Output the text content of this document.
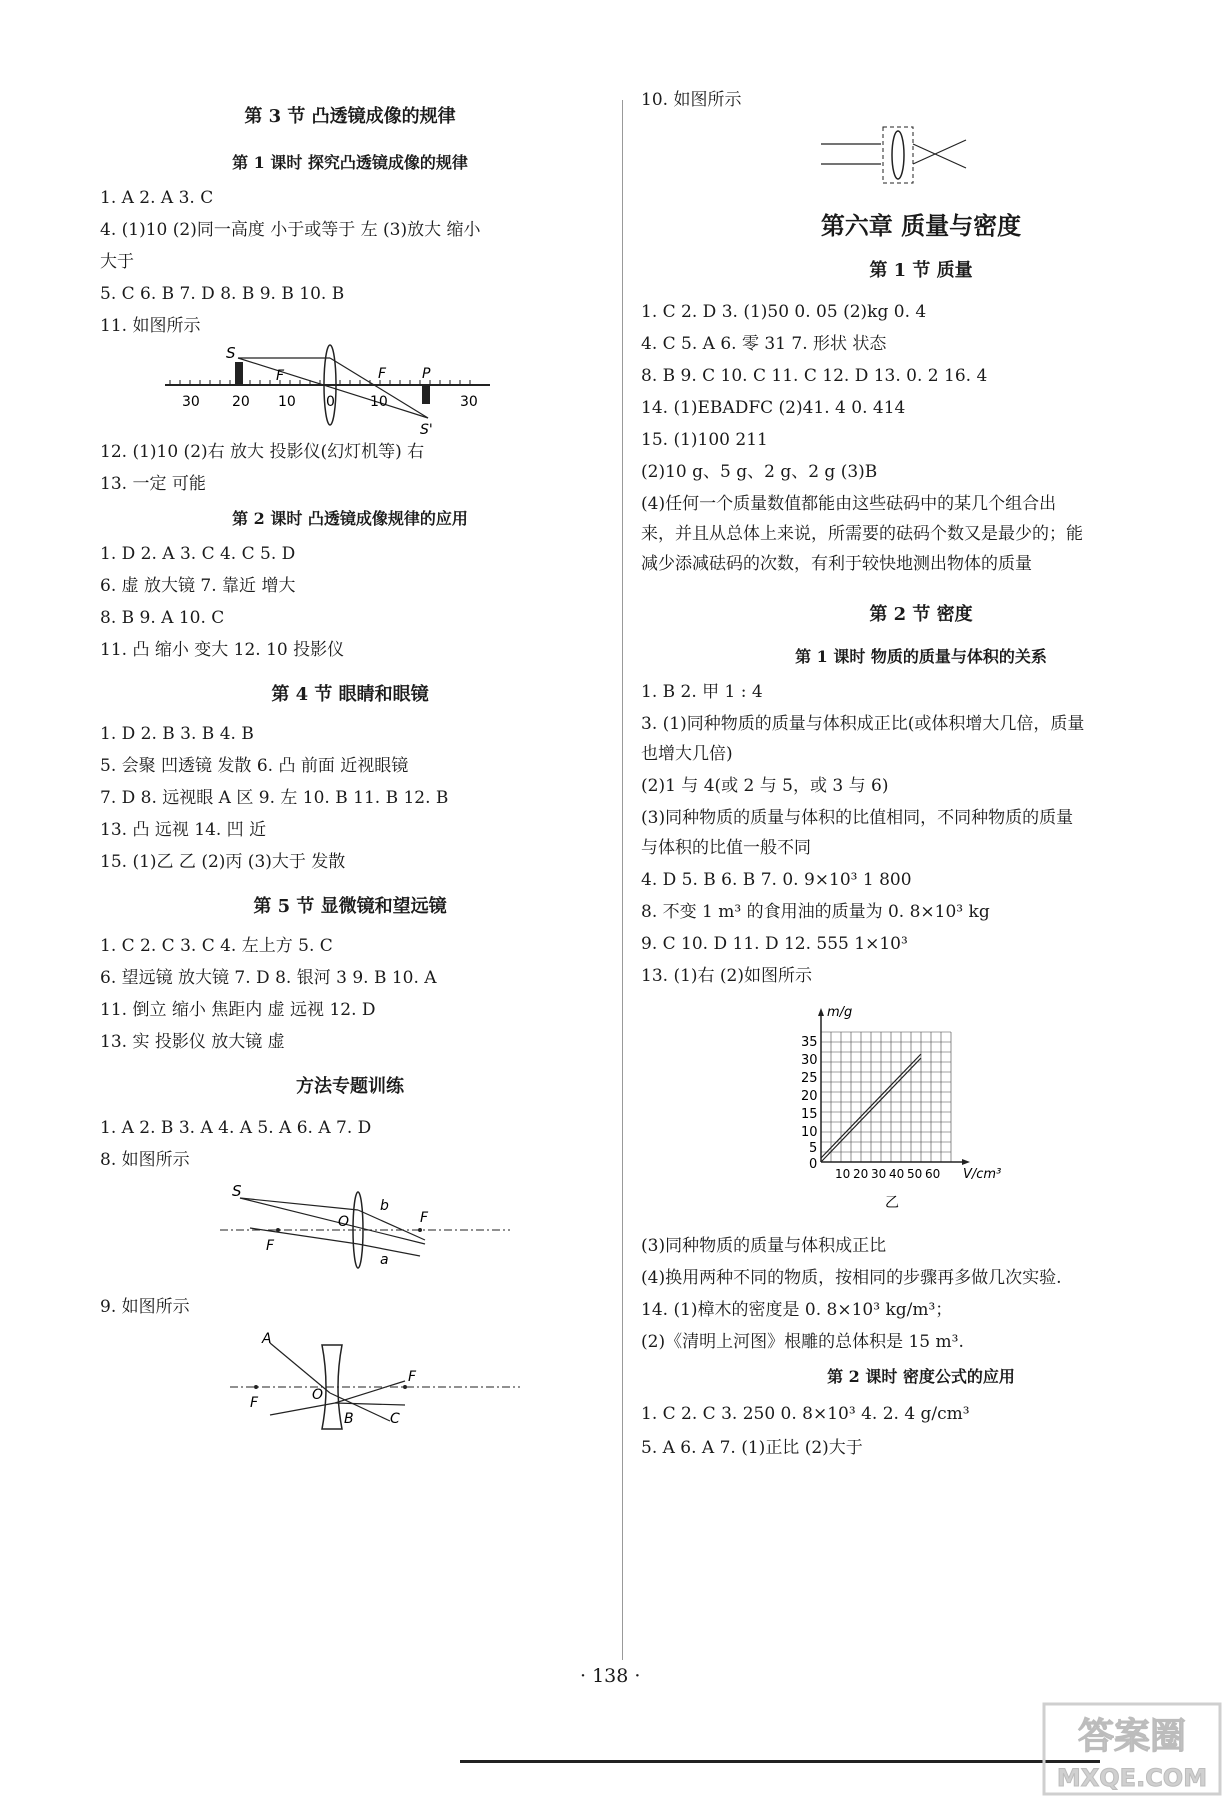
第 3 节 凸透镜成像的规律
第 1 课时 探究凸透镜成像的规律
1. A 2. A 3. C
4. (1)10 (2)同一高度 小于或等于 左 (3)放大 缩小
大于
5. C 6. B 7. D 8. B 9. B 10. B
11. 如图所示
S
F	F	P
S'
30 20 10 0	10	30
12. (1)10 (2)右 放大 投影仪(幻灯机等) 右
13. 一定 可能
第 2 课时 凸透镜成像规律的应用
1. D 2. A 3. C 4. C 5. D
6. 虚 放大镜 7. 靠近 增大
8. B 9. A 10. C
11. 凸 缩小 变大 12. 10 投影仪
第 4 节 眼睛和眼镜
1. D 2. B 3. B 4. B
5. 会聚 凹透镜 发散 6. 凸 前面 近视眼镜
7. D 8. 远视眼 A 区 9. 左 10. B 11. B 12. B
13. 凸 远视 14. 凹 近
15. (1)乙 乙 (2)丙 (3)大于 发散
第 5 节 显微镜和望远镜
1. C 2. C 3. C 4. 左上方 5. C
6. 望远镜 放大镜 7. D 8. 银河 3 9. B 10. A
11. 倒立 缩小 焦距内 虚 远视 12. D
13. 实 投影仪 放大镜 虚
方法专题训练
1. A 2. B 3. A 4. A 5. A 6. A 7. D
8. 如图所示
S
b
O	F
F
a
9. 如图所示
A
O
F
F
B	C
10. 如图所示
第六章 质量与密度
第 1 节 质量
1. C 2. D 3. (1)50 0. 05 (2)kg 0. 4
4. C 5. A 6. 零 31 7. 形状 状态
8. B 9. C 10. C 11. C 12. D 13. 0. 2 16. 4
14. (1)EBADFC (2)41. 4 0. 414
15. (1)100 211
(2)10 g、5 g、2 g、2 g (3)B
(4)任何一个质量数值都能由这些砝码中的某几个组合出
来，并且从总体上来说，所需要的砝码个数又是最少的；能
减少添减砝码的次数，有利于较快地测出物体的质量
第 2 节 密度
第 1 课时 物质的质量与体积的关系
1. B 2. 甲 1 : 4
3. (1)同种物质的质量与体积成正比(或体积增大几倍，质量
也增大几倍)
(2)1 与 4(或 2 与 5，或 3 与 6)
(3)同种物质的质量与体积的比值相同，不同种物质的质量
与体积的比值一般不同
4. D 5. B 6. B 7. 0. 9×10³ 1 800
8. 不变 1 m³ 的食用油的质量为 0. 8×10³ kg
9. C 10. D 11. D 12. 555 1×10³
13. (1)右 (2)如图所示
m/g
V/cm³
35
30
25
20
15
10
5
0
10 20 30 40 50 60
乙
(3)同种物质的质量与体积成正比
(4)换用两种不同的物质，按相同的步骤再多做几次实验.
14. (1)樟木的密度是 0. 8×10³ kg/m³；
(2)《清明上河图》根雕的总体积是 15 m³.
第 2 课时 密度公式的应用
1. C 2. C 3. 250 0. 8×10³ 4. 2. 4 g/cm³
5. A 6. A 7. (1)正比 (2)大于
· 138 ·
答案圈
MXQE.COM
